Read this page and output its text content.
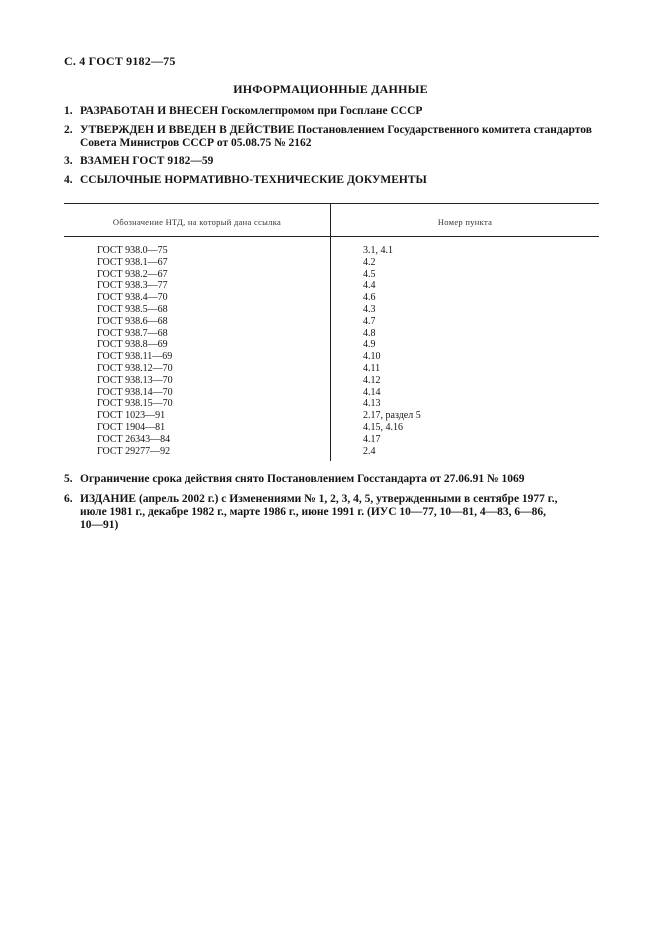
С. 4 ГОСТ 9182—75
ИНФОРМАЦИОННЫЕ ДАННЫЕ
1. РАЗРАБОТАН И ВНЕСЕН Госкомлегпромом при Госплане СССР
2. УТВЕРЖДЕН И ВВЕДЕН В ДЕЙСТВИЕ Постановлением Государственного комитета стандартов
Совета Министров СССР от 05.08.75 № 2162
3. ВЗАМЕН ГОСТ 9182—59
4. ССЫЛОЧНЫЕ НОРМАТИВНО-ТЕХНИЧЕСКИЕ ДОКУМЕНТЫ
Обозначение НТД, на который дана ссылка	Номер пункта
ГОСТ 938.0—75	3.1, 4.1
ГОСТ 938.1—67	4.2
ГОСТ 938.2—67	4.5
ГОСТ 938.3—77	4.4
ГОСТ 938.4—70	4.6
ГОСТ 938.5—68	4.3
ГОСТ 938.6—68	4.7
ГОСТ 938.7—68	4.8
ГОСТ 938.8—69	4.9
ГОСТ 938.11—69	4.10
ГОСТ 938.12—70	4.11
ГОСТ 938.13—70	4.12
ГОСТ 938.14—70	4.14
ГОСТ 938.15—70	4.13
ГОСТ 1023—91	2.17, раздел 5
ГОСТ 1904—81	4.15, 4.16
ГОСТ 26343—84	4.17
ГОСТ 29277—92	2.4
5. Ограничение срока действия снято Постановлением Госстандарта от 27.06.91 № 1069
6. ИЗДАНИЕ (апрель 2002 г.) с Изменениями № 1, 2, 3, 4, 5, утвержденными в сентябре 1977 г.,
июле 1981 г., декабре 1982 г., марте 1986 г., июне 1991 г. (ИУС 10—77, 10—81, 4—83, 6—86,
10—91)
